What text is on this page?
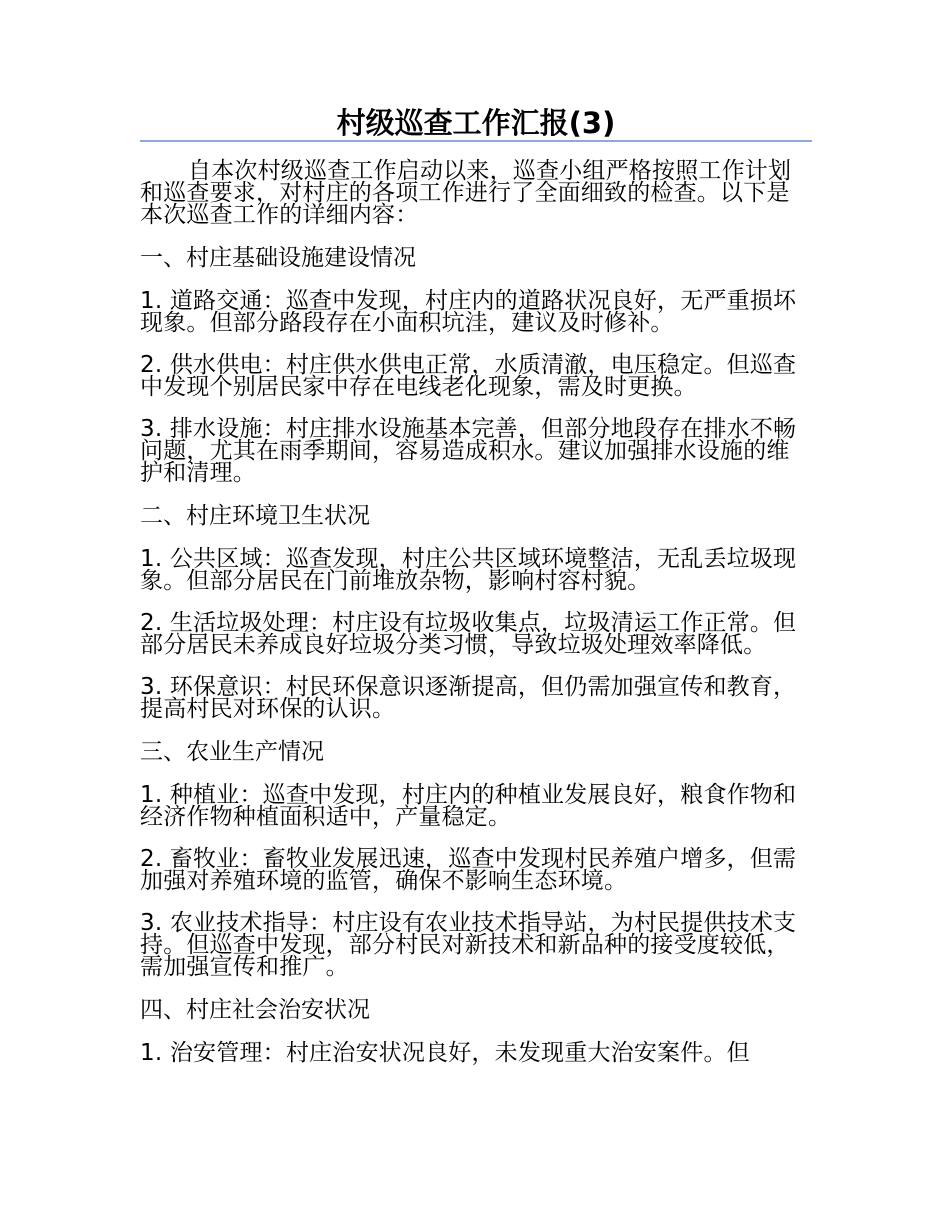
村级巡查工作汇报(3)

自本次村级巡查工作启动以来，巡查小组严格按照工作计划和巡查要求，对村庄的各项工作进行了全面细致的检查。以下是本次巡查工作的详细内容：

一、村庄基础设施建设情况

1. 道路交通：巡查中发现，村庄内的道路状况良好，无严重损坏现象。但部分路段存在小面积坑洼，建议及时修补。

2. 供水供电：村庄供水供电正常，水质清澈，电压稳定。但巡查中发现个别居民家中存在电线老化现象，需及时更换。

3. 排水设施：村庄排水设施基本完善，但部分地段存在排水不畅问题，尤其在雨季期间，容易造成积水。建议加强排水设施的维护和清理。

二、村庄环境卫生状况

1. 公共区域：巡查发现，村庄公共区域环境整洁，无乱丢垃圾现象。但部分居民在门前堆放杂物，影响村容村貌。

2. 生活垃圾处理：村庄设有垃圾收集点，垃圾清运工作正常。但部分居民未养成良好垃圾分类习惯，导致垃圾处理效率降低。

3. 环保意识：村民环保意识逐渐提高，但仍需加强宣传和教育，提高村民对环保的认识。

三、农业生产情况

1. 种植业：巡查中发现，村庄内的种植业发展良好，粮食作物和经济作物种植面积适中，产量稳定。

2. 畜牧业：畜牧业发展迅速，巡查中发现村民养殖户增多，但需加强对养殖环境的监管，确保不影响生态环境。

3. 农业技术指导：村庄设有农业技术指导站，为村民提供技术支持。但巡查中发现，部分村民对新技术和新品种的接受度较低，需加强宣传和推广。

四、村庄社会治安状况

1. 治安管理：村庄治安状况良好，未发现重大治安案件。但
